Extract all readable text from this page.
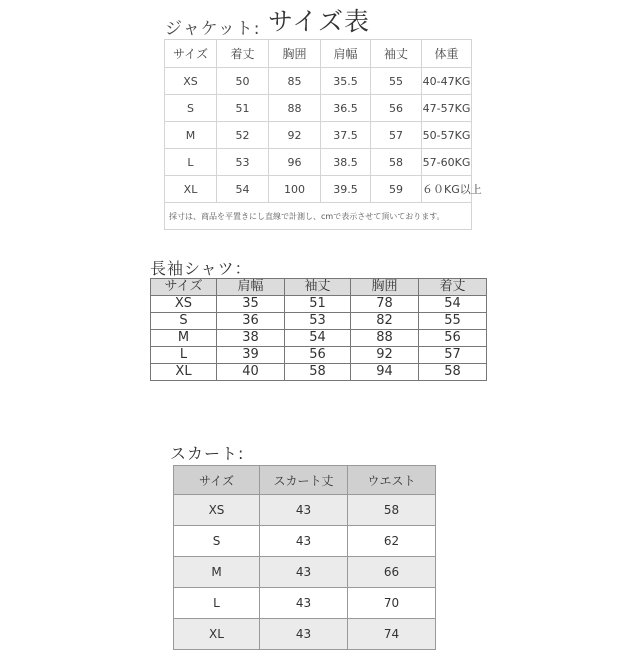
ジャケット: サイズ表
サイズ	着丈	胸囲	肩幅	袖丈	体重
XS	50	85	35.5	55	40-47KG
S	51	88	36.5	56	47-57KG
M	52	92	37.5	57	50-57KG
L	53	96	38.5	58	57-60KG
XL	54	100	39.5	59	６０KG以上
採寸は、商品を平置きにし直線で計測し、cmで表示させて頂いております。					
長袖シャツ：
サイズ	肩幅	袖丈	胸囲	着丈
XS	35	51	78	54
S	36	53	82	55
M	38	54	88	56
L	39	56	92	57
XL	40	58	94	58
スカート:
サイズ	スカート丈	ウエスト
XS	43	58
S	43	62
M	43	66
L	43	70
XL	43	74
